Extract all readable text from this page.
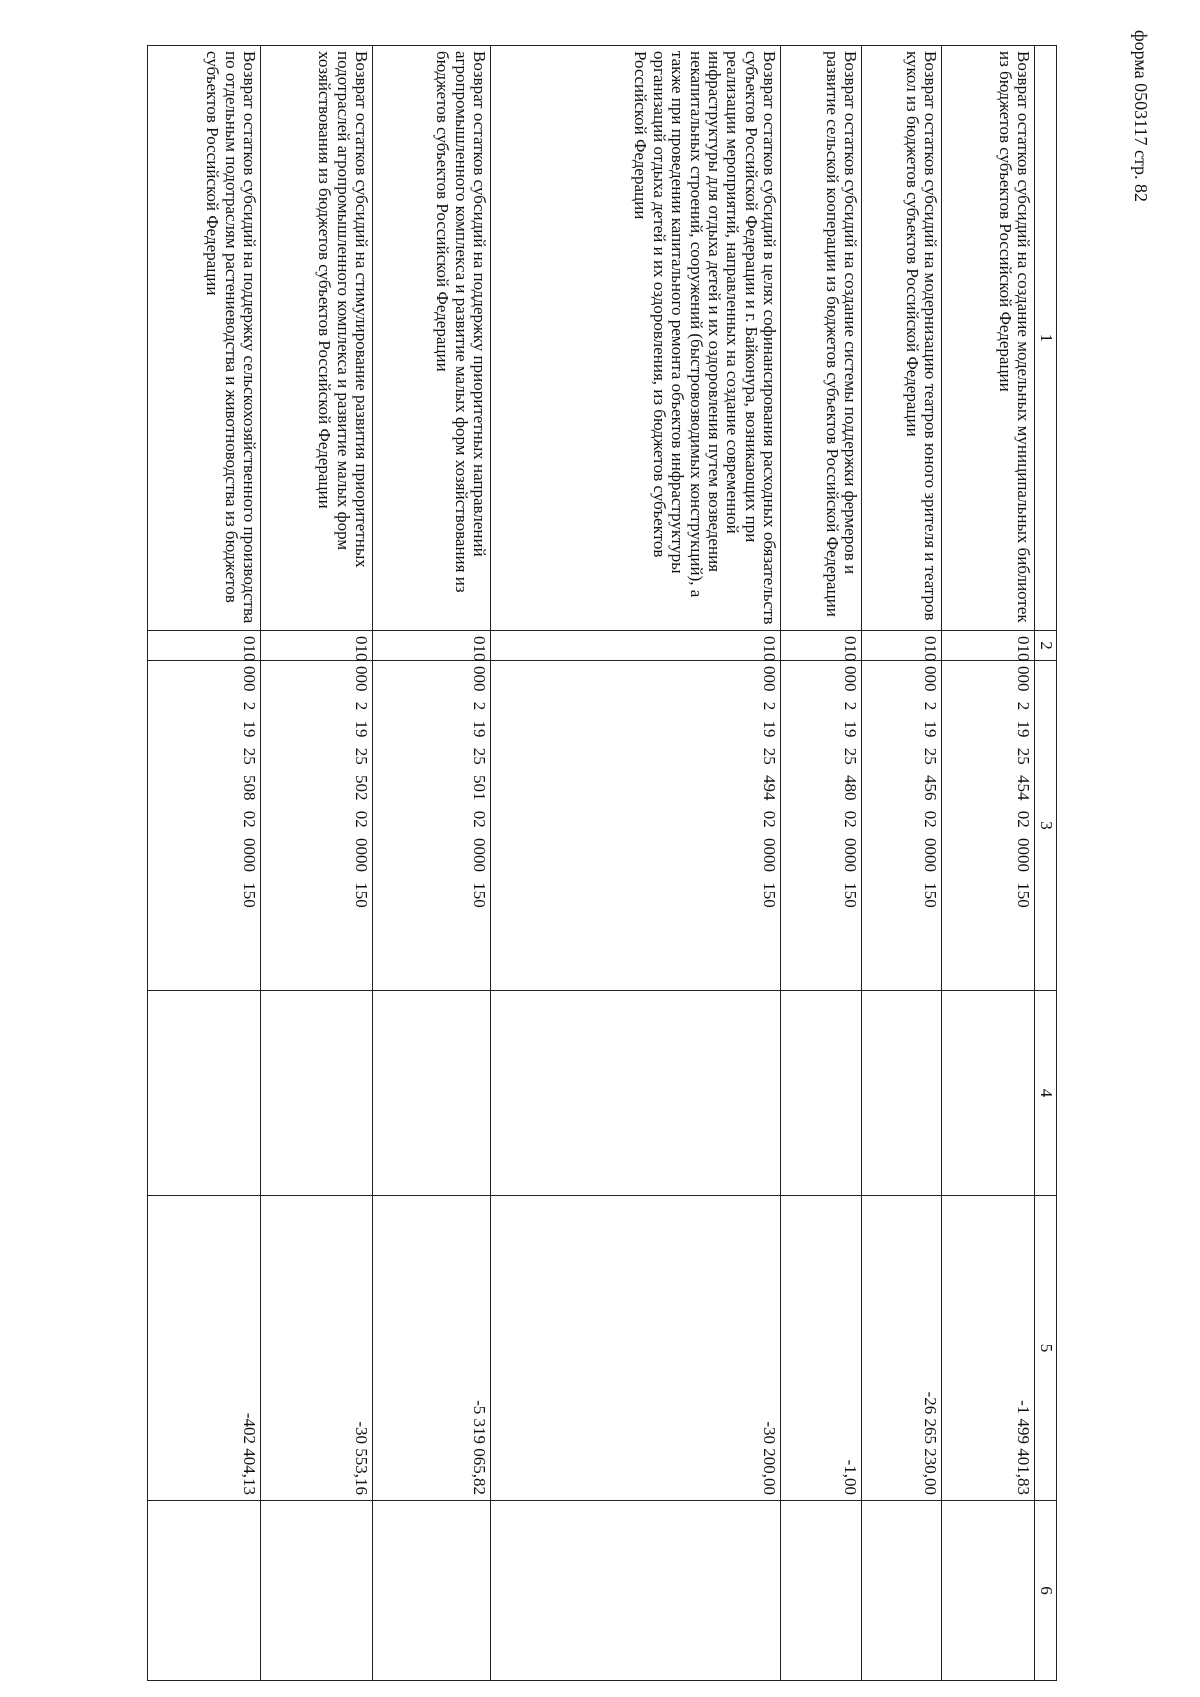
форма 0503117 стр. 82
1	2	3	4	5	6
Возврат остатков субсидий на создание модельных муниципальных библиотек из бюджетов субъектов Российской Федерации	010	000 2 19 25 454 02 0000 150		-1 499 401,83	
Возврат остатков субсидий на модернизацию театров юного зрителя и театров кукол из бюджетов субъектов Российской Федерации	010	000 2 19 25 456 02 0000 150		-26 265 230,00	
Возврат остатков субсидий на создание системы поддержки фермеров и развитие сельской кооперации из бюджетов субъектов Российской Федерации	010	000 2 19 25 480 02 0000 150		-1,00	
Возврат остатков субсидий в целях софинансирования расходных обязательств субъектов Российской Федерации и г. Байконура, возникающих при реализации мероприятий, направленных на создание современной инфраструктуры для отдыха детей и их оздоровления путем возведения некапитальных строений, сооружений (быстровозводимых конструкций), а также при проведении капитального ремонта объектов инфраструктуры организаций отдыха детей и их оздоровления, из бюджетов субъектов Российской Федерации	010	000 2 19 25 494 02 0000 150		-30 200,00	
Возврат остатков субсидий на поддержку приоритетных направлений агропромышленного комплекса и развитие малых форм хозяйствования из бюджетов субъектов Российской Федерации	010	000 2 19 25 501 02 0000 150		-5 319 065,82	
Возврат остатков субсидий на стимулирование развития приоритетных подотраслей агропромышленного комплекса и развитие малых форм хозяйствования из бюджетов субъектов Российской Федерации	010	000 2 19 25 502 02 0000 150		-30 553,16	
Возврат остатков субсидий на поддержку сельскохозяйственного производства по отдельным подотраслям растениеводства и животноводства из бюджетов субъектов Российской Федерации	010	000 2 19 25 508 02 0000 150		-402 404,13	
